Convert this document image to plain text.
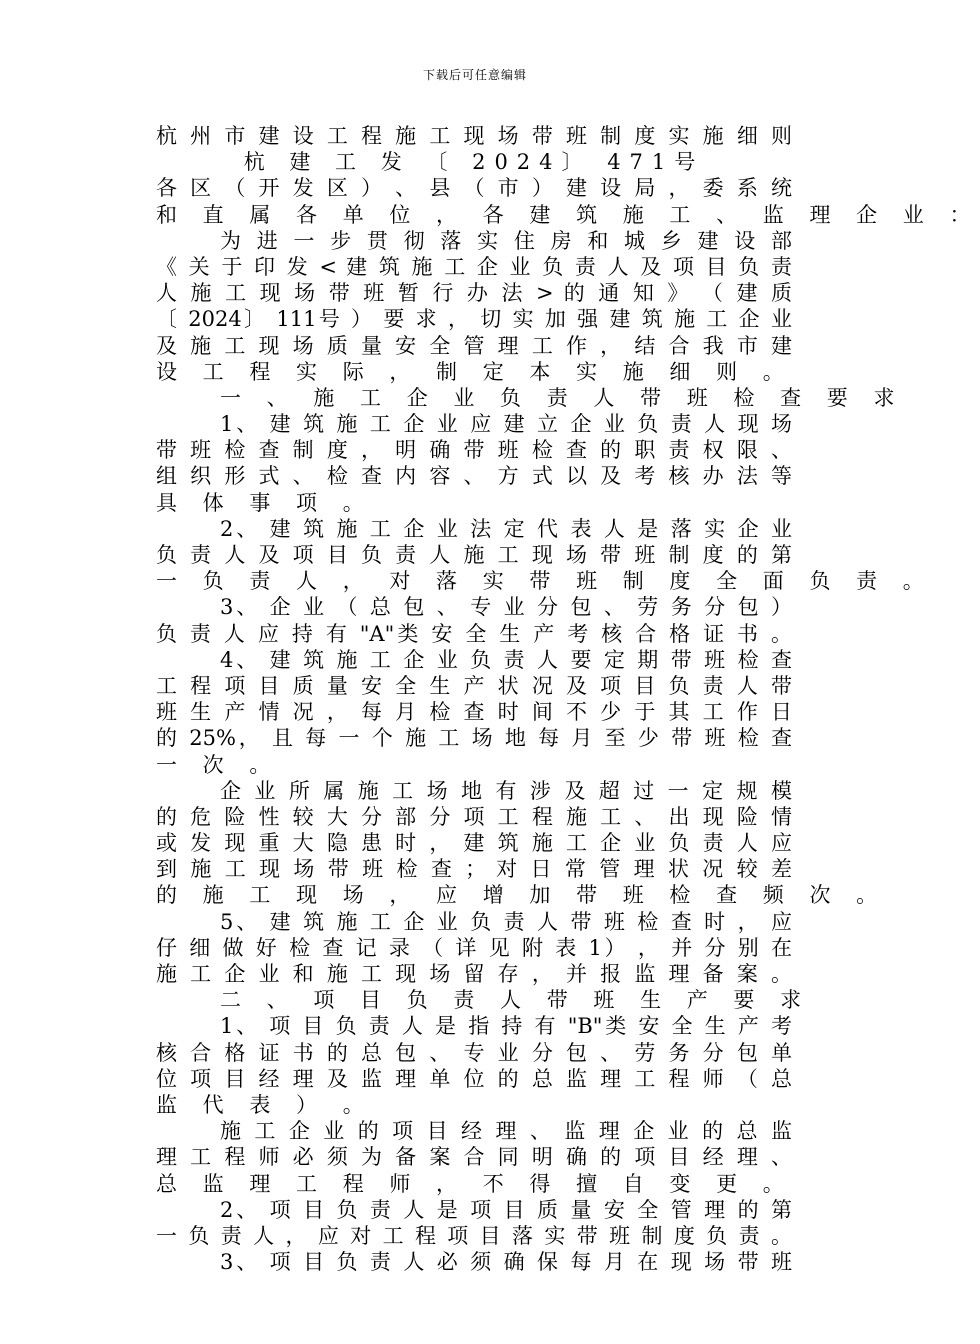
下载后可任意编辑
杭 州 市 建 设 工 程 施 工 现 场 带 班 制 度 实 施 细 则
杭 建 工 发 〔 2024〕 471号
各 区 （ 开 发 区 ） 、 县 （ 市 ） 建 设 局 ， 委 系 统
和 直 属 各 单 位 ， 各 建 筑 施 工 、 监 理 企 业 ：
为 进 一 步 贯 彻 落 实 住 房 和 城 乡 建 设 部
《 关 于 印 发 < 建 筑 施 工 企 业 负 责 人 及 项 目 负 责
人 施 工 现 场 带 班 暂 行 办 法 > 的 通 知 》 （ 建 质
〔 2024〕 111号 ） 要 求 ， 切 实 加 强 建 筑 施 工 企 业
及 施 工 现 场 质 量 安 全 管 理 工 作 ， 结 合 我 市 建
设 工 程 实 际 ， 制 定 本 实 施 细 则 。
一 、 施 工 企 业 负 责 人 带 班 检 查 要 求
1、 建 筑 施 工 企 业 应 建 立 企 业 负 责 人 现 场
带 班 检 查 制 度 ， 明 确 带 班 检 查 的 职 责 权 限 、
组 织 形 式 、 检 查 内 容 、 方 式 以 及 考 核 办 法 等
具 体 事 项 。
2、 建 筑 施 工 企 业 法 定 代 表 人 是 落 实 企 业
负 责 人 及 项 目 负 责 人 施 工 现 场 带 班 制 度 的 第
一 负 责 人 ， 对 落 实 带 班 制 度 全 面 负 责 。
3、 企 业 （ 总 包 、 专 业 分 包 、 劳 务 分 包 ）
负 责 人 应 持 有 "A"类 安 全 生 产 考 核 合 格 证 书 。
4、 建 筑 施 工 企 业 负 责 人 要 定 期 带 班 检 查
工 程 项 目 质 量 安 全 生 产 状 况 及 项 目 负 责 人 带
班 生 产 情 况 ， 每 月 检 查 时 间 不 少 于 其 工 作 日
的 25%， 且 每 一 个 施 工 场 地 每 月 至 少 带 班 检 查
一 次 。
企 业 所 属 施 工 场 地 有 涉 及 超 过 一 定 规 模
的 危 险 性 较 大 分 部 分 项 工 程 施 工 、 出 现 险 情
或 发 现 重 大 隐 患 时 ， 建 筑 施 工 企 业 负 责 人 应
到 施 工 现 场 带 班 检 查 ； 对 日 常 管 理 状 况 较 差
的 施 工 现 场 ， 应 增 加 带 班 检 查 频 次 。
5、 建 筑 施 工 企 业 负 责 人 带 班 检 查 时 ， 应
仔 细 做 好 检 查 记 录 （ 详 见 附 表 1） ， 并 分 别 在
施 工 企 业 和 施 工 现 场 留 存 ， 并 报 监 理 备 案 。
二 、 项 目 负 责 人 带 班 生 产 要 求
1、 项 目 负 责 人 是 指 持 有 "B"类 安 全 生 产 考
核 合 格 证 书 的 总 包 、 专 业 分 包 、 劳 务 分 包 单
位 项 目 经 理 及 监 理 单 位 的 总 监 理 工 程 师 （ 总
监 代 表 ） 。
施 工 企 业 的 项 目 经 理 、 监 理 企 业 的 总 监
理 工 程 师 必 须 为 备 案 合 同 明 确 的 项 目 经 理 、
总 监 理 工 程 师 ， 不 得 擅 自 变 更 。
2、 项 目 负 责 人 是 项 目 质 量 安 全 管 理 的 第
一 负 责 人 ， 应 对 工 程 项 目 落 实 带 班 制 度 负 责 。
3、 项 目 负 责 人 必 须 确 保 每 月 在 现 场 带 班
